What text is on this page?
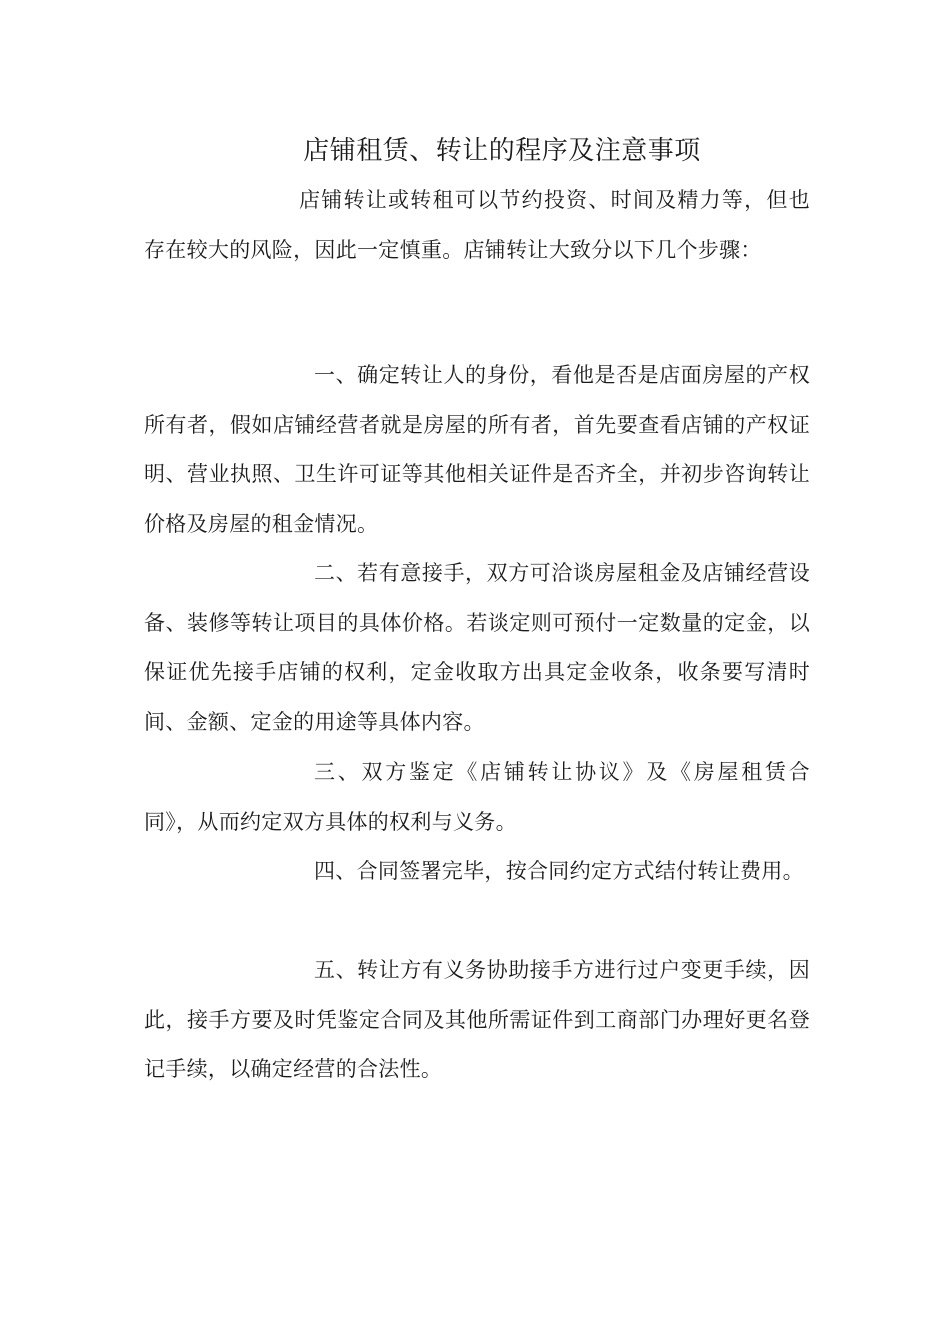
店铺租赁、转让的程序及注意事项

店铺转让或转租可以节约投资、时间及精力等，但也存在较大的风险，因此一定慎重。店铺转让大致分以下几个步骤：

一、确定转让人的身份，看他是否是店面房屋的产权所有者，假如店铺经营者就是房屋的所有者，首先要查看店铺的产权证明、营业执照、卫生许可证等其他相关证件是否齐全，并初步咨询转让价格及房屋的租金情况。

二、若有意接手，双方可洽谈房屋租金及店铺经营设备、装修等转让项目的具体价格。若谈定则可预付一定数量的定金，以保证优先接手店铺的权利，定金收取方出具定金收条，收条要写清时间、金额、定金的用途等具体内容。

三、双方鉴定《店铺转让协议》及《房屋租赁合同》，从而约定双方具体的权利与义务。

四、合同签署完毕，按合同约定方式结付转让费用。

五、转让方有义务协助接手方进行过户变更手续，因此，接手方要及时凭鉴定合同及其他所需证件到工商部门办理好更名登记手续，以确定经营的合法性。
